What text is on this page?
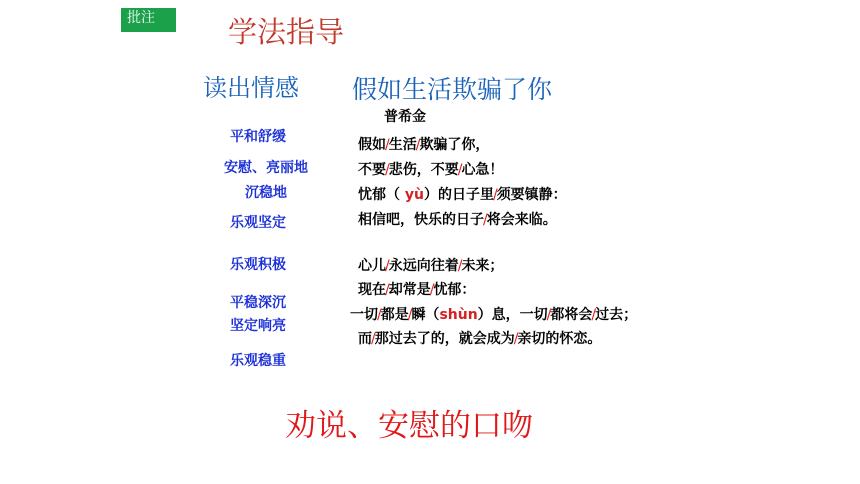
批注	学法指导
读出情感 假如生活欺骗了你
普希金
平和舒缓
安慰、亮丽地
沉稳地
乐观坚定
乐观积极
平稳深沉
坚定响亮
乐观稳重
假如/生活/欺骗了你，
不要/悲伤，不要/心急！
忧郁（ yù）的日子里/须要镇静：
相信吧，快乐的日子/将会来临。
心儿/永远向往着/未来；
现在/却常是/忧郁：
一切/都是/瞬（shùn）息，一切/都将会/过去；
而/那过去了的，就会成为/亲切的怀恋。
劝说、安慰的口吻
